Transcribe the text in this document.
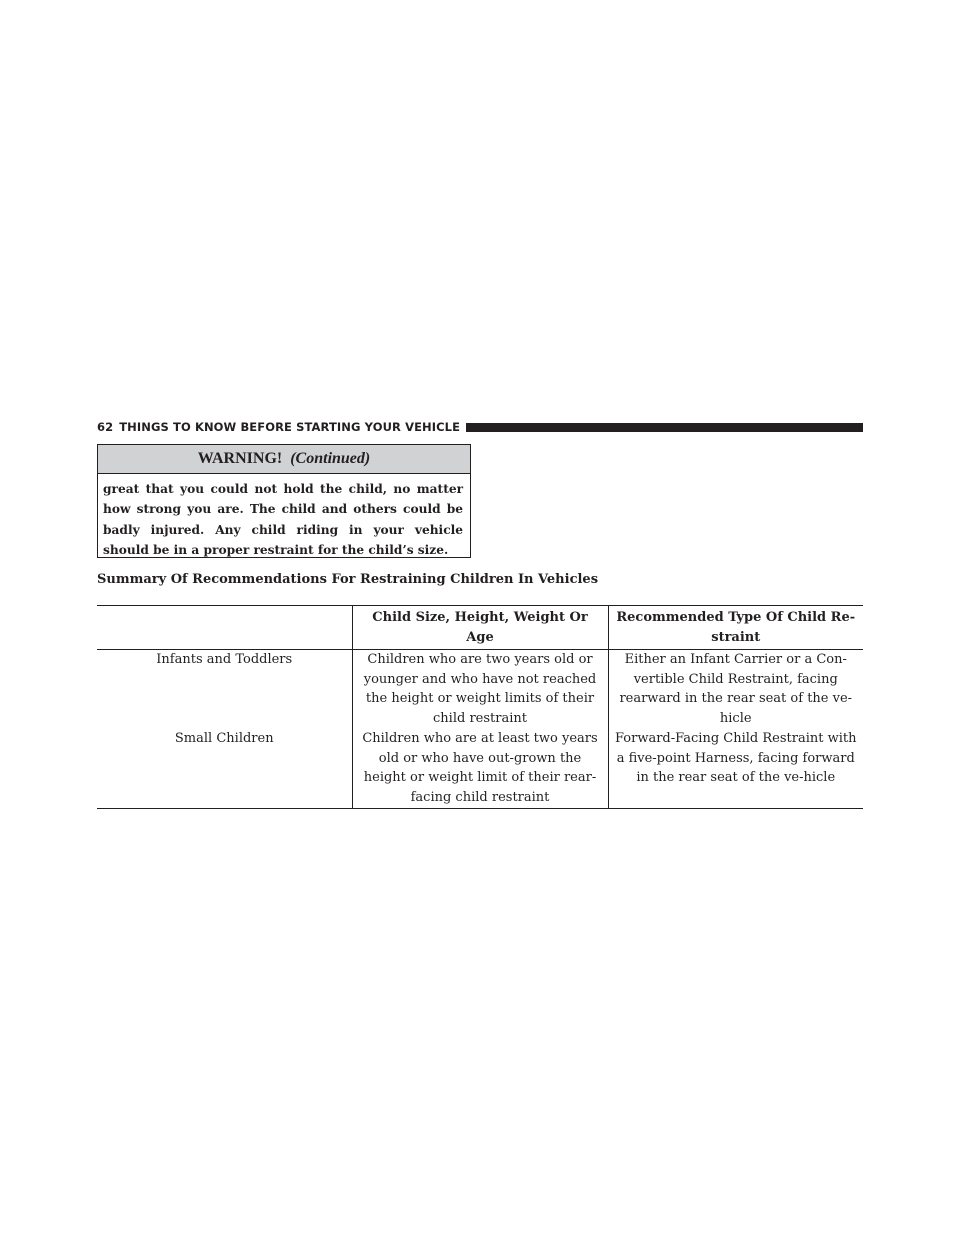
62 THINGS TO KNOW BEFORE STARTING YOUR VEHICLE
WARNING! (Continued)
great that you could not hold the child, no matter how strong you are. The child and others could be badly injured. Any child riding in your vehicle should be in a proper restraint for the child’s size.
Summary Of Recommendations For Restraining Children In Vehicles
	Child Size, Height, Weight Or Age	Recommended Type Of Child Re-straint
Infants and Toddlers	Children who are two years old or younger and who have not reached the height or weight limits of their child restraint	Either an Infant Carrier or a Con-vertible Child Restraint, facing rearward in the rear seat of the ve-hicle
Small Children	Children who are at least two years old or who have out-grown the height or weight limit of their rear-facing child restraint	Forward-Facing Child Restraint with a five-point Harness, facing forward in the rear seat of the ve-hicle
